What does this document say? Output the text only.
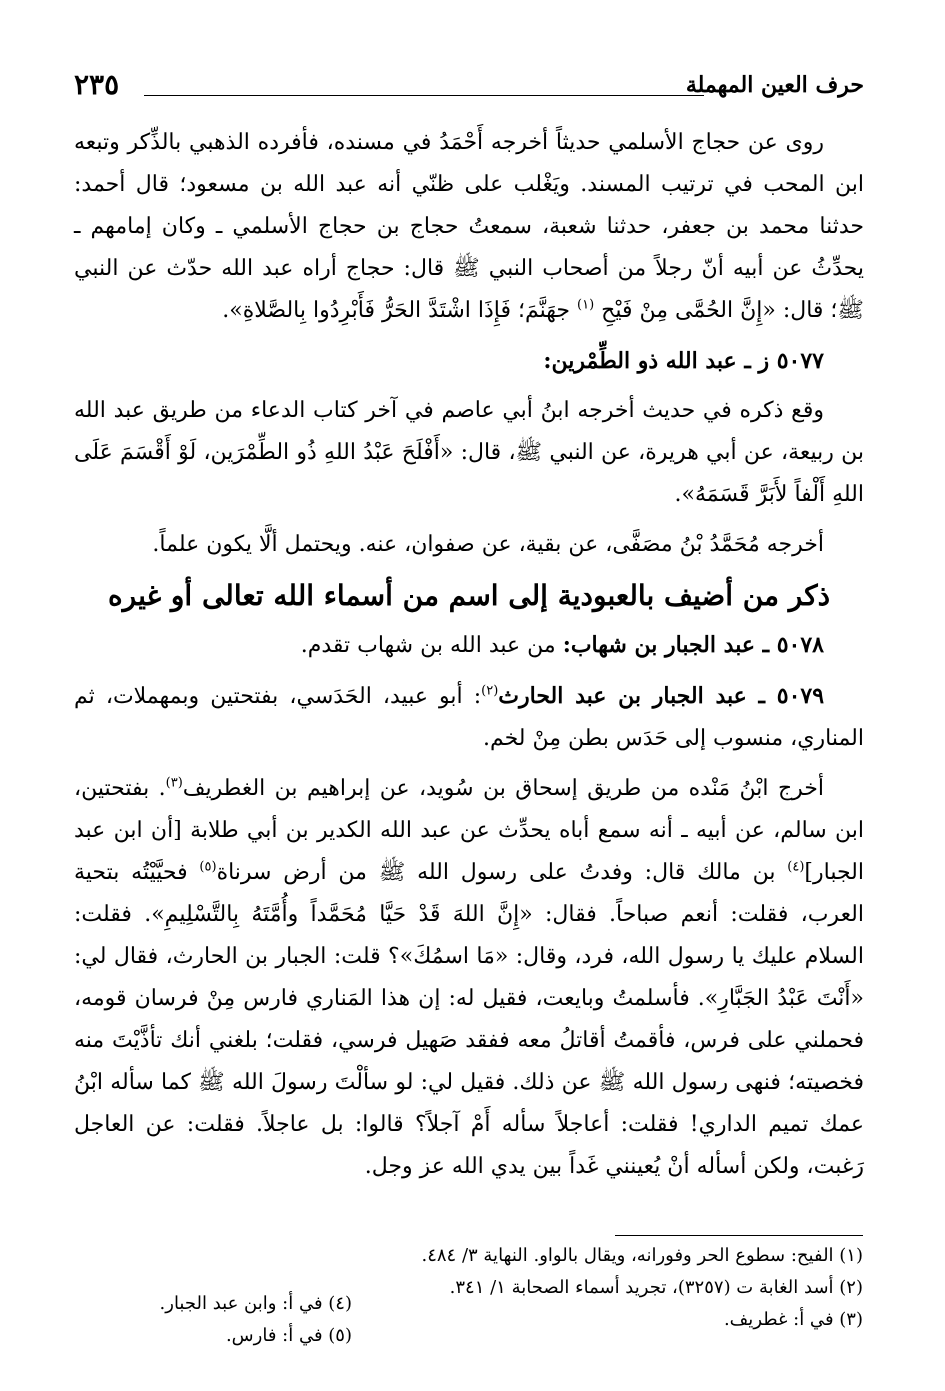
حرف العين المهملة
٢٣٥

روى عن حجاج الأسلمي حديثاً أخرجه أَحْمَدُ في مسنده، فأفرده الذهبي بالذِّكر وتبعه ابن المحب في ترتيب المسند. ويَغْلب على ظنّي أنه عبد الله بن مسعود؛ قال أحمد: حدثنا محمد بن جعفر، حدثنا شعبة، سمعتُ حجاج بن حجاج الأسلمي ـ وكان إمامهم ـ يحدِّثُ عن أبيه أنّ رجلاً من أصحاب النبي ﷺ قال: حجاج أراه عبد الله حدّث عن النبي ﷺ؛ قال: «إِنَّ الحُمَّى مِنْ فَيْحِ $^{(١)}$ جهَنَّمَ؛ فَإِذَا اشْتَدَّ الحَرُّ فَأَبْرِدُوا بِالصَّلاةِ».

٥٠٧٧ ز ـ عبد الله ذو الطِّمْرين:

وقع ذكره في حديث أخرجه ابنُ أبي عاصم في آخر كتاب الدعاء من طريق عبد الله بن ربيعة، عن أبي هريرة، عن النبي ﷺ، قال: «أَفْلَحَ عَبْدُ اللهِ ذُو الطِّمْرَين، لَوْ أَقْسَمَ عَلَى اللهِ أَلْفاً لأَبَرَّ قَسَمَهُ».

أخرجه مُحَمَّدُ بْنُ مصَفَّى، عن بقية، عن صفوان، عنه. ويحتمل ألَّا يكون علماً.

ذكر من أضيف بالعبودية إلى اسم من أسماء الله تعالى أو غيره

٥٠٧٨ ـ عبد الجبار بن شهاب: من عبد الله بن شهاب تقدم.

٥٠٧٩ ـ عبد الجبار بن عبد الحارث$^{(٢)}$: أبو عبيد، الحَدَسي، بفتحتين وبمهملات، ثم المناري، منسوب إلى حَدَس بطن مِنْ لخم.

أخرج ابْنُ مَنْده من طريق إسحاق بن سُويد، عن إبراهيم بن الغطريف$^{(٣)}$. بفتحتين، ابن سالم، عن أبيه ـ أنه سمع أباه يحدِّث عن عبد الله الكدير بن أبي طلابة [أن ابن عبد الجبار]$^{(٤)}$ بن مالك قال: وفدتُ على رسول الله ﷺ من أرض سرناة$^{(٥)}$ فحيَّيْتُه بتحية العرب، فقلت: أنعم صباحاً. فقال: «إِنَّ اللهَ قَدْ حَيَّا مُحَمَّداً وأُمَّتَهُ بِالتَّسْلِيمِ». فقلت: السلام عليك يا رسول الله، فرد، وقال: «مَا اسمُكَ»؟ قلت: الجبار بن الحارث، فقال لي: «أَنْتَ عَبْدُ الجَبَّارِ». فأسلمتُ وبايعت، فقيل له: إن هذا المَناري فارس مِنْ فرسان قومه، فحملني على فرس، فأقمتُ أقاتلُ معه ففقد صَهيل فرسي، فقلت؛ بلغني أنك تأذَّيْتَ منه فخصيته؛ فنهى رسول الله ﷺ عن ذلك. فقيل لي: لو سألْتَ رسولَ الله ﷺ كما سأله ابْنُ عمك تميم الداري! فقلت: أعاجلاً سأله أَمْ آجلاً؟ قالوا: بل عاجلاً. فقلت: عن العاجل رَغبت، ولكن أسأله أنْ يُعينني غَداً بين يدي الله عز وجل.

(١) الفيح: سطوع الحر وفورانه، ويقال بالواو. النهاية ٣/ ٤٨٤.

(٢) أسد الغابة ت (٣٢٥٧)، تجريد أسماء الصحابة ١/ ٣٤١.

(٣) في أ: غطريف.

(٤) في أ: وابن عبد الجبار.

(٥) في أ: فارس.
